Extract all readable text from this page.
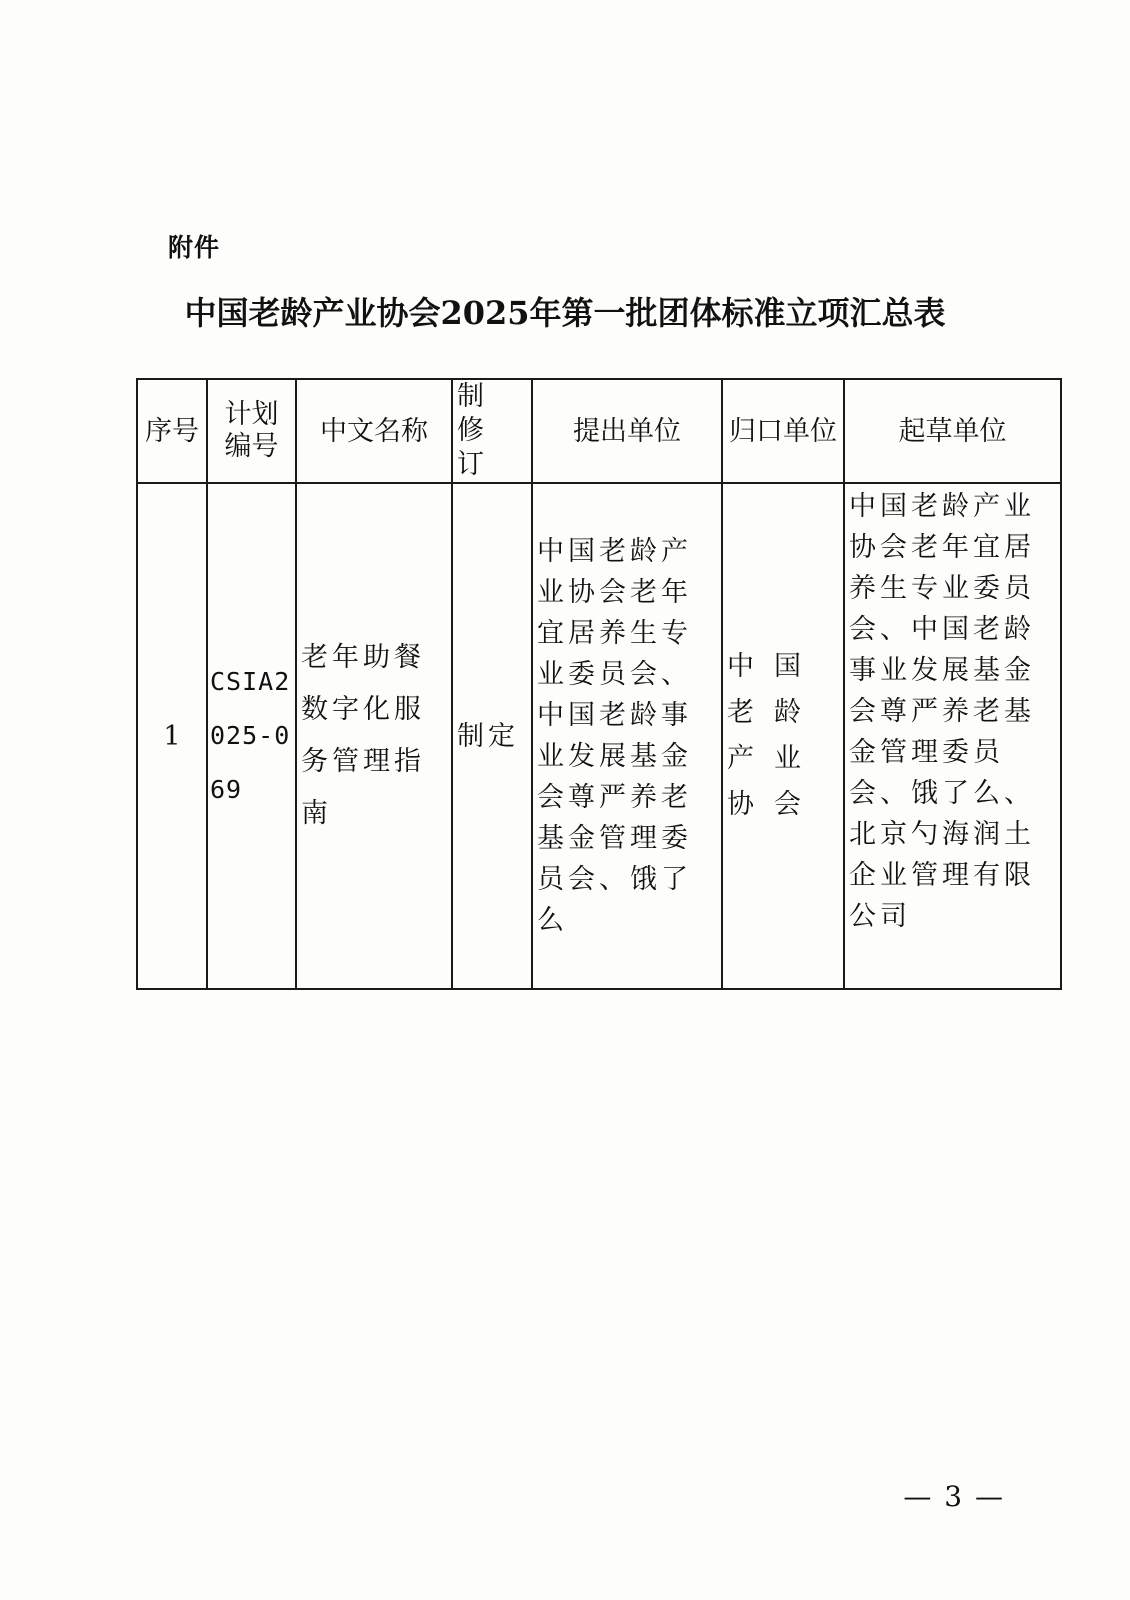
附件
中国老龄产业协会2025年第一批团体标准立项汇总表
序号	计划编号	中文名称	制修订	提出单位	归口单位	起草单位
1	CSIA2025-069	老年助餐数字化服务管理指南	制定	中国老龄产业协会老年宜居养生专业委员会、中国老龄事业发展基金会尊严养老基金管理委员会、饿了么	中国老龄产业协会	中国老龄产业协会老年宜居养生专业委员会、中国老龄事业发展基金会尊严养老基金管理委员会、饿了么、北京勺海润土企业管理有限公司
— 3 —
